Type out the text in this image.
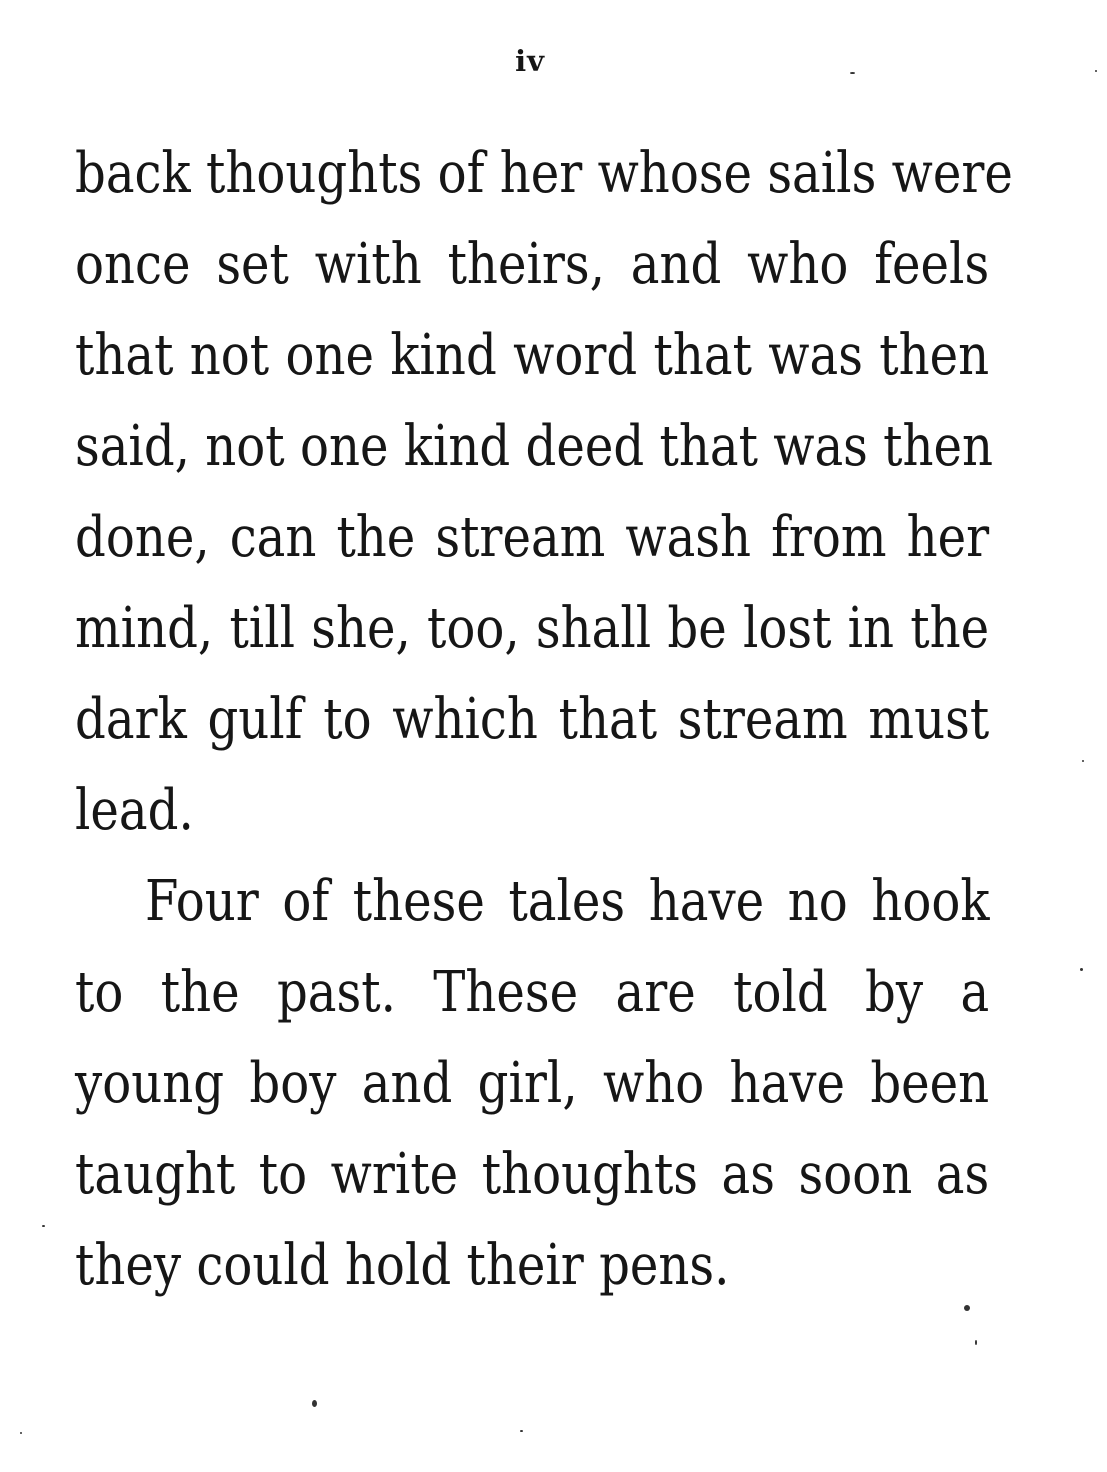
iv
back thoughts of her whose sails were
once set with theirs, and who feels
that not one kind word that was then
said, not one kind deed that was then
done, can the stream wash from her
mind, till she, too, shall be lost in the
dark gulf to which that stream must
lead.
Four of these tales have no hook
to the past. These are told by a
young boy and girl, who have been
taught to write thoughts as soon as
they could hold their pens.
